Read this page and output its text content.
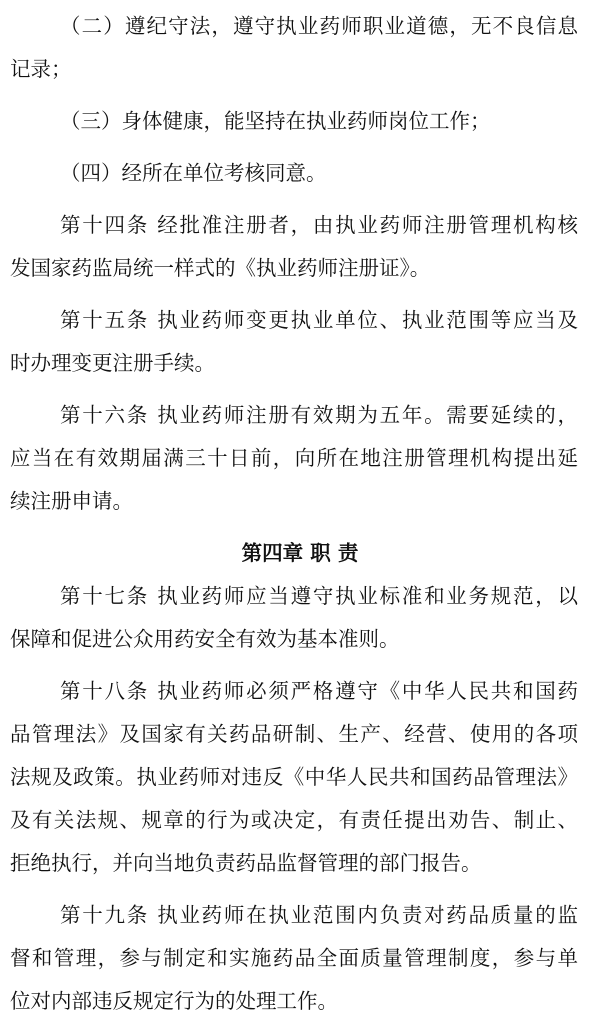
（二）遵纪守法，遵守执业药师职业道德，无不良信息
记录；
（三）身体健康，能坚持在执业药师岗位工作；
（四）经所在单位考核同意。
第十四条 经批准注册者，由执业药师注册管理机构核
发国家药监局统一样式的《执业药师注册证》。
第十五条 执业药师变更执业单位、执业范围等应当及
时办理变更注册手续。
第十六条 执业药师注册有效期为五年。需要延续的，
应当在有效期届满三十日前，向所在地注册管理机构提出延
续注册申请。
第四章 职 责
第十七条 执业药师应当遵守执业标准和业务规范，以
保障和促进公众用药安全有效为基本准则。
第十八条 执业药师必须严格遵守《中华人民共和国药
品管理法》及国家有关药品研制、生产、经营、使用的各项
法规及政策。执业药师对违反《中华人民共和国药品管理法》
及有关法规、规章的行为或决定，有责任提出劝告、制止、
拒绝执行，并向当地负责药品监督管理的部门报告。
第十九条 执业药师在执业范围内负责对药品质量的监
督和管理，参与制定和实施药品全面质量管理制度，参与单
位对内部违反规定行为的处理工作。
